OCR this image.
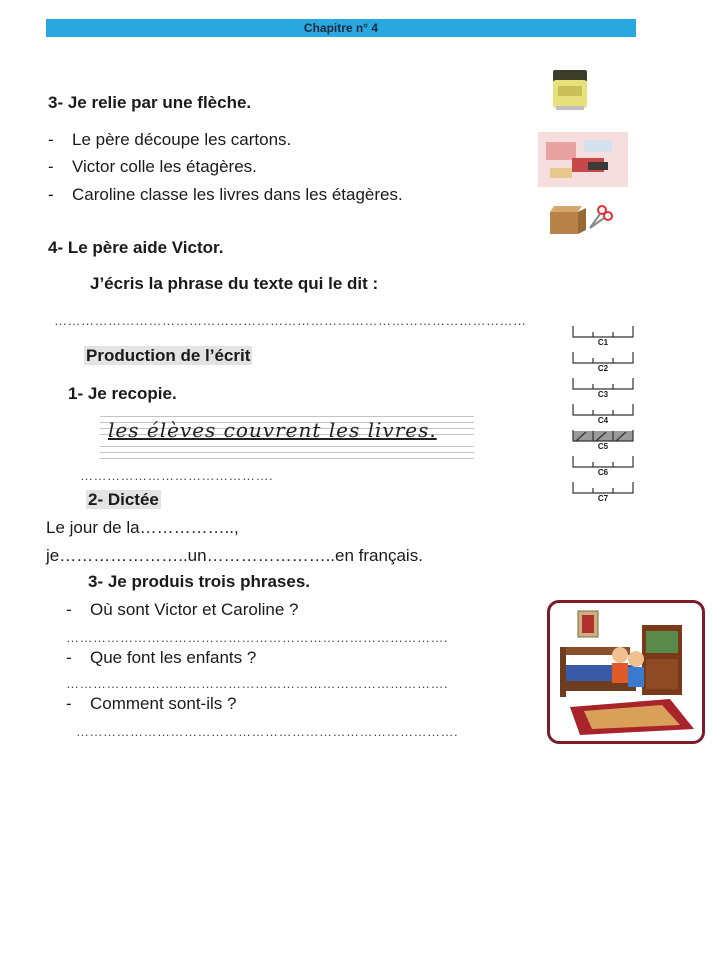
Chapitre n° 4
3- Je relie par une flèche.
- Le père découpe les cartons.
- Victor colle les étagères.
- Caroline classe les livres dans les étagères.
4- Le père aide Victor.
J’écris la phrase du texte qui le dit :
……………………………………………………………………………………………
Production de l’écrit
1- Je recopie.
les élèves couvrent les livres.
…………………………………….
2- Dictée
Le jour de la……………..,
je…………………..un…………………..en français.
3- Je produis trois phrases.
- Où sont Victor et Caroline ?
………………………………………………………………………….
- Que font les enfants ?
………………………………………………………………………….
- Comment sont-ils ?
………………………………………………………………………….
C1
C2
C3
C4
C5
C6
C7
